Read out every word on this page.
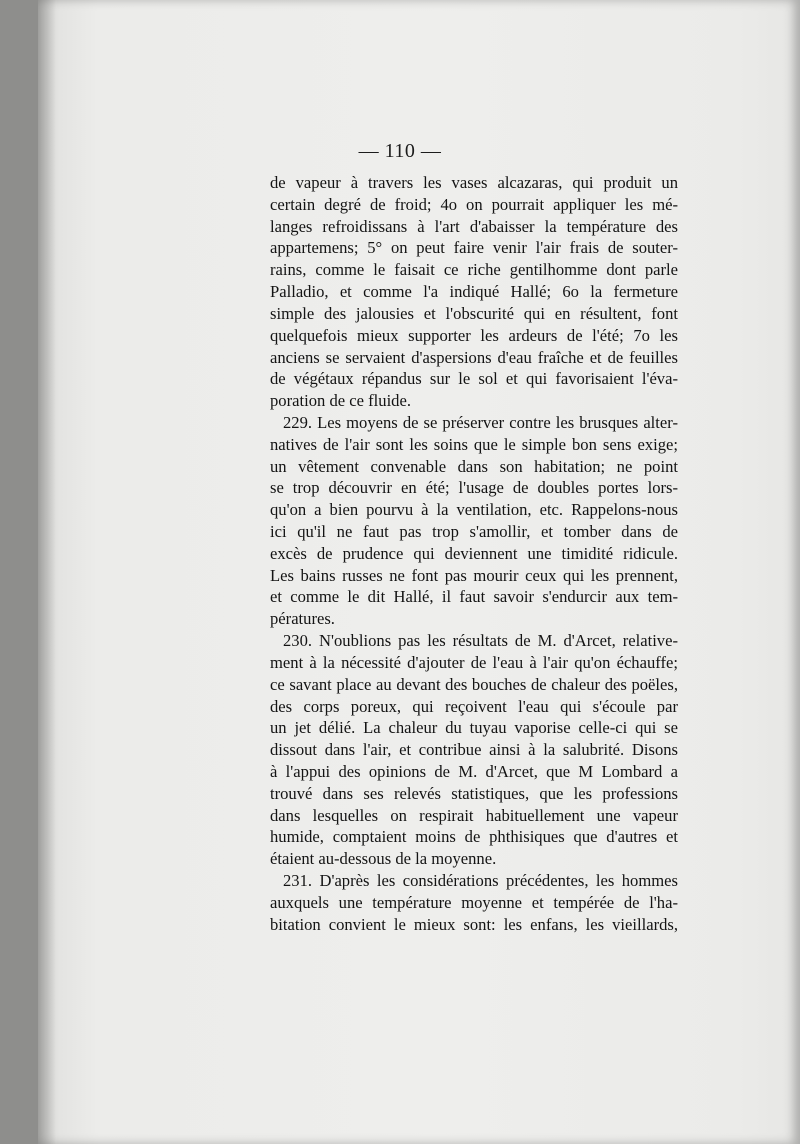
— 110 —
de vapeur à travers les vases alcazaras, qui produit un
certain degré de froid; 4o on pourrait appliquer les mé-
langes refroidissans à l'art d'abaisser la température des
appartemens; 5° on peut faire venir l'air frais de souter-
rains, comme le faisait ce riche gentilhomme dont parle
Palladio, et comme l'a indiqué Hallé; 6o la fermeture
simple des jalousies et l'obscurité qui en résultent, font
quelquefois mieux supporter les ardeurs de l'été; 7o les
anciens se servaient d'aspersions d'eau fraîche et de feuilles
de végétaux répandus sur le sol et qui favorisaient l'éva-
poration de ce fluide.
229. Les moyens de se préserver contre les brusques alter-
natives de l'air sont les soins que le simple bon sens exige;
un vêtement convenable dans son habitation; ne point
se trop découvrir en été; l'usage de doubles portes lors-
qu'on a bien pourvu à la ventilation, etc. Rappelons-nous
ici qu'il ne faut pas trop s'amollir, et tomber dans de
excès de prudence qui deviennent une timidité ridicule.
Les bains russes ne font pas mourir ceux qui les prennent,
et comme le dit Hallé, il faut savoir s'endurcir aux tem-
pératures.
230. N'oublions pas les résultats de M. d'Arcet, relative-
ment à la nécessité d'ajouter de l'eau à l'air qu'on échauffe;
ce savant place au devant des bouches de chaleur des poëles,
des corps poreux, qui reçoivent l'eau qui s'écoule par
un jet délié. La chaleur du tuyau vaporise celle-ci qui se
dissout dans l'air, et contribue ainsi à la salubrité. Disons
à l'appui des opinions de M. d'Arcet, que M Lombard a
trouvé dans ses relevés statistiques, que les professions
dans lesquelles on respirait habituellement une vapeur
humide, comptaient moins de phthisiques que d'autres et
étaient au-dessous de la moyenne.
231. D'après les considérations précédentes, les hommes
auxquels une température moyenne et tempérée de l'ha-
bitation convient le mieux sont: les enfans, les vieillards,
